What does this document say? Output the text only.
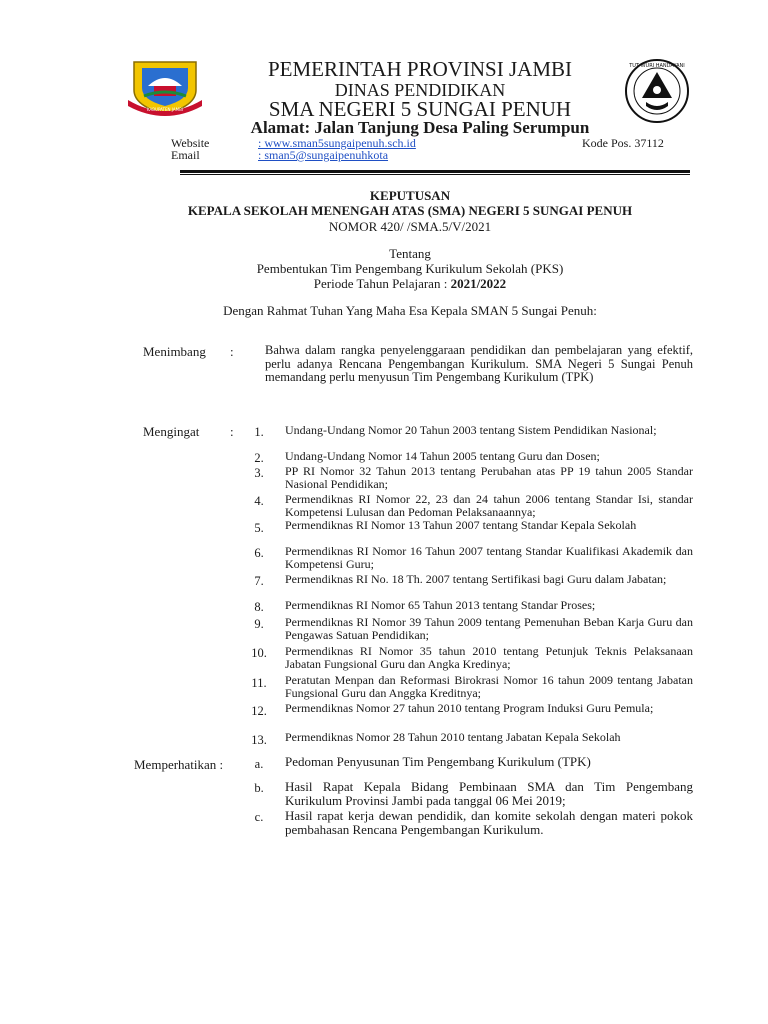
KABUPATEN JAMBI
PEMERINTAH PROVINSI JAMBI
DINAS PENDIDIKAN
SMA NEGERI 5 SUNGAI PENUH
Alamat: Jalan Tanjung Desa Paling Serumpun
TUT WURI HANDAYANI
Website	: www.sman5sungaipenuh.sch.id	Kode Pos. 37112
Email	: sman5@sungaipenuhkota
KEPUTUSAN
KEPALA SEKOLAH MENENGAH ATAS (SMA) NEGERI 5 SUNGAI PENUH
NOMOR 420/ /SMA.5/V/2021
Tentang
Pembentukan Tim Pengembang Kurikulum Sekolah (PKS)
Periode Tahun Pelajaran : 2021/2022
Dengan Rahmat Tuhan Yang Maha Esa Kepala SMAN 5 Sungai Penuh:
Menimbang :	Bahwa dalam rangka penyelenggaraan pendidikan dan pembelajaran yang efektif, perlu adanya Rencana Pengembangan Kurikulum. SMA Negeri 5 Sungai Penuh memandang perlu menyusun Tim Pengembang Kurikulum (TPK)
Mengingat :	1.	Undang-Undang Nomor 20 Tahun 2003 tentang Sistem Pendidikan Nasional;
2.	Undang-Undang Nomor 14 Tahun 2005 tentang Guru dan Dosen;
3.	PP RI Nomor 32 Tahun 2013 tentang Perubahan atas PP 19 tahun 2005 Standar Nasional Pendidikan;
4.	Permendiknas RI Nomor 22, 23 dan 24 tahun 2006 tentang Standar Isi, standar Kompetensi Lulusan dan Pedoman Pelaksanaannya;
5.	Permendiknas RI Nomor 13 Tahun 2007 tentang Standar Kepala Sekolah
6.	Permendiknas RI Nomor 16 Tahun 2007 tentang Standar Kualifikasi Akademik dan Kompetensi Guru;
7.	Permendiknas RI No. 18 Th. 2007 tentang Sertifikasi bagi Guru dalam Jabatan;
8.	Permendiknas RI Nomor 65 Tahun 2013 tentang Standar Proses;
9.	Permendiknas RI Nomor 39 Tahun 2009 tentang Pemenuhan Beban Karja Guru dan Pengawas Satuan Pendidikan;
10.	Permendiknas RI Nomor 35 tahun 2010 tentang Petunjuk Teknis Pelaksanaan Jabatan Fungsional Guru dan Angka Kredinya;
11.	Peratutan Menpan dan Reformasi Birokrasi Nomor 16 tahun 2009 tentang Jabatan Fungsional Guru dan Anggka Kreditnya;
12.	Permendiknas Nomor 27 tahun 2010 tentang Program Induksi Guru Pemula;
13.	Permendiknas Nomor 28 Tahun 2010 tentang Jabatan Kepala Sekolah
Memperhatikan :	a.	Pedoman Penyusunan Tim Pengembang Kurikulum (TPK)
b.	Hasil Rapat Kepala Bidang Pembinaan SMA dan Tim Pengembang Kurikulum Provinsi Jambi pada tanggal 06 Mei 2019;
c.	Hasil rapat kerja dewan pendidik, dan komite sekolah dengan materi pokok pembahasan Rencana Pengembangan Kurikulum.
